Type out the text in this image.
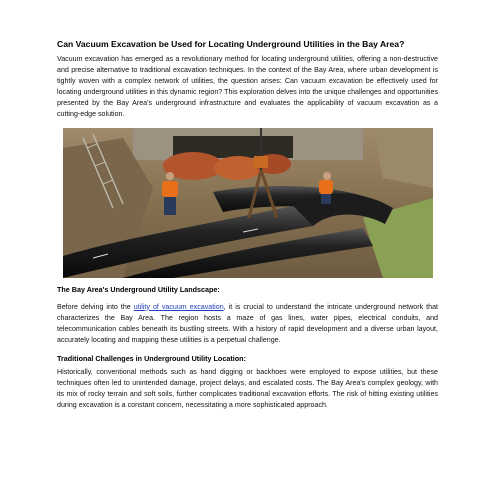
Can Vacuum Excavation be Used for Locating Underground Utilities in the Bay Area?

Vacuum excavation has emerged as a revolutionary method for locating underground utilities, offering a non-destructive and precise alternative to traditional excavation techniques. In the context of the Bay Area, where urban development is tightly woven with a complex network of utilities, the question arises: Can vacuum excavation be effectively used for locating underground utilities in this dynamic region? This exploration delves into the unique challenges and opportunities presented by the Bay Area's underground infrastructure and evaluates the applicability of vacuum excavation as a cutting-edge solution.

The Bay Area's Underground Utility Landscape:

Before delving into the utility of vacuum excavation, it is crucial to understand the intricate underground network that characterizes the Bay Area. The region hosts a maze of gas lines, water pipes, electrical conduits, and telecommunication cables beneath its bustling streets. With a history of rapid development and a diverse urban layout, accurately locating and mapping these utilities is a perpetual challenge.

Traditional Challenges in Underground Utility Location:

Historically, conventional methods such as hand digging or backhoes were employed to expose utilities, but these techniques often led to unintended damage, project delays, and escalated costs. The Bay Area's complex geology, with its mix of rocky terrain and soft soils, further complicates traditional excavation efforts. The risk of hitting existing utilities during excavation is a constant concern, necessitating a more sophisticated approach.
